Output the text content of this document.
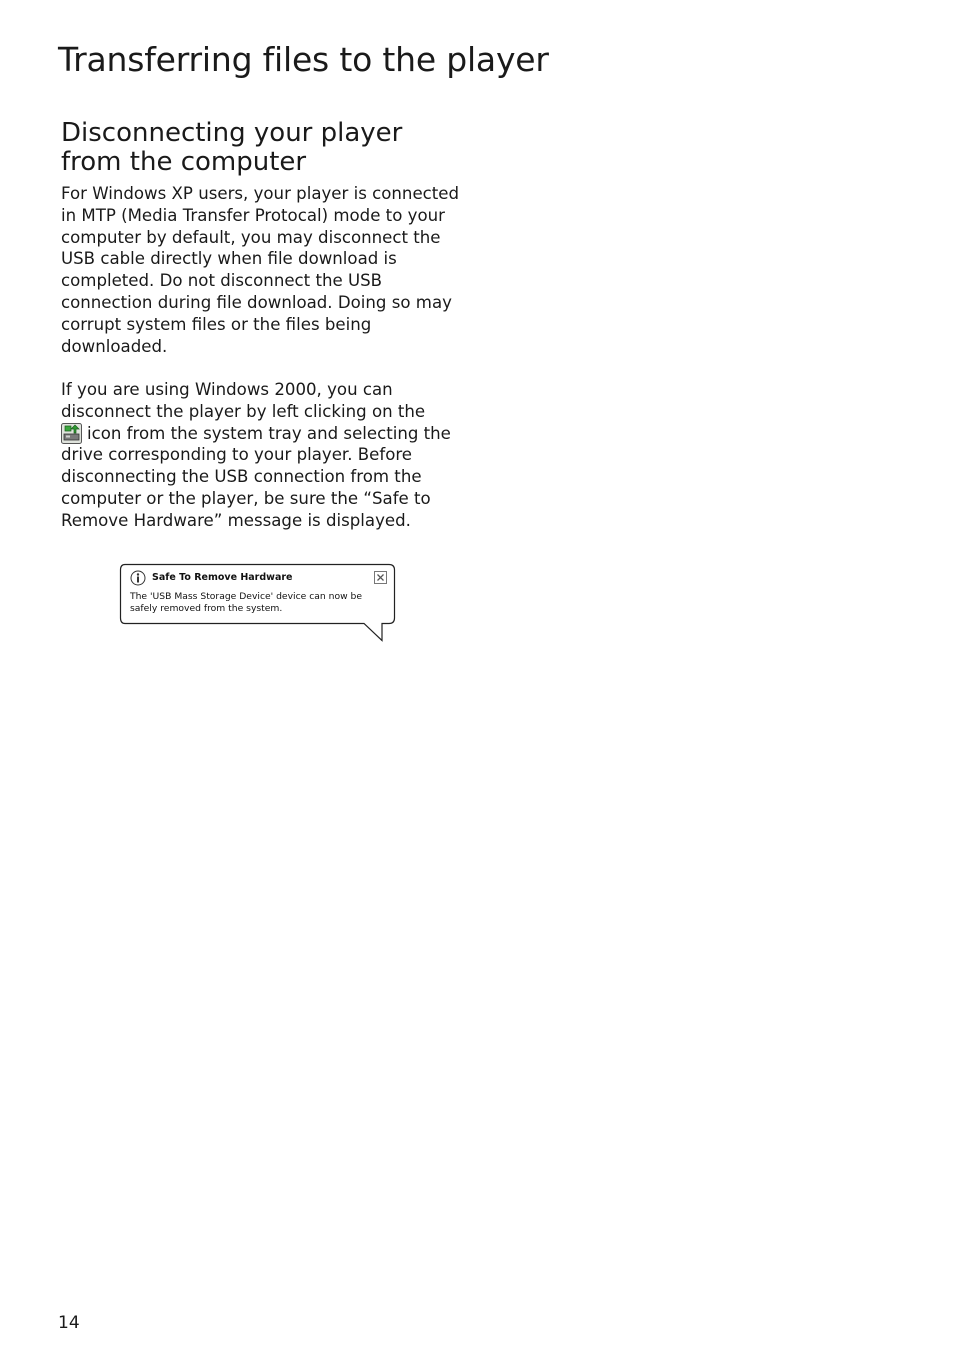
Transferring files to the player
Disconnecting your player
from the computer

For Windows XP users, your player is connected in MTP (Media Transfer Protocal) mode to your computer by default, you may disconnect the USB cable directly when file download is completed. Do not disconnect the USB connection during file download. Doing so may corrupt system files or the files being downloaded.

If you are using Windows 2000, you can disconnect the player by left clicking on the
icon from the system tray and selecting the drive corresponding to your player. Before disconnecting the USB connection from the computer or the player, be sure the “Safe to Remove Hardware” message is displayed.

Safe To Remove Hardware
The 'USB Mass Storage Device' device can now be safely removed from the system.
14
